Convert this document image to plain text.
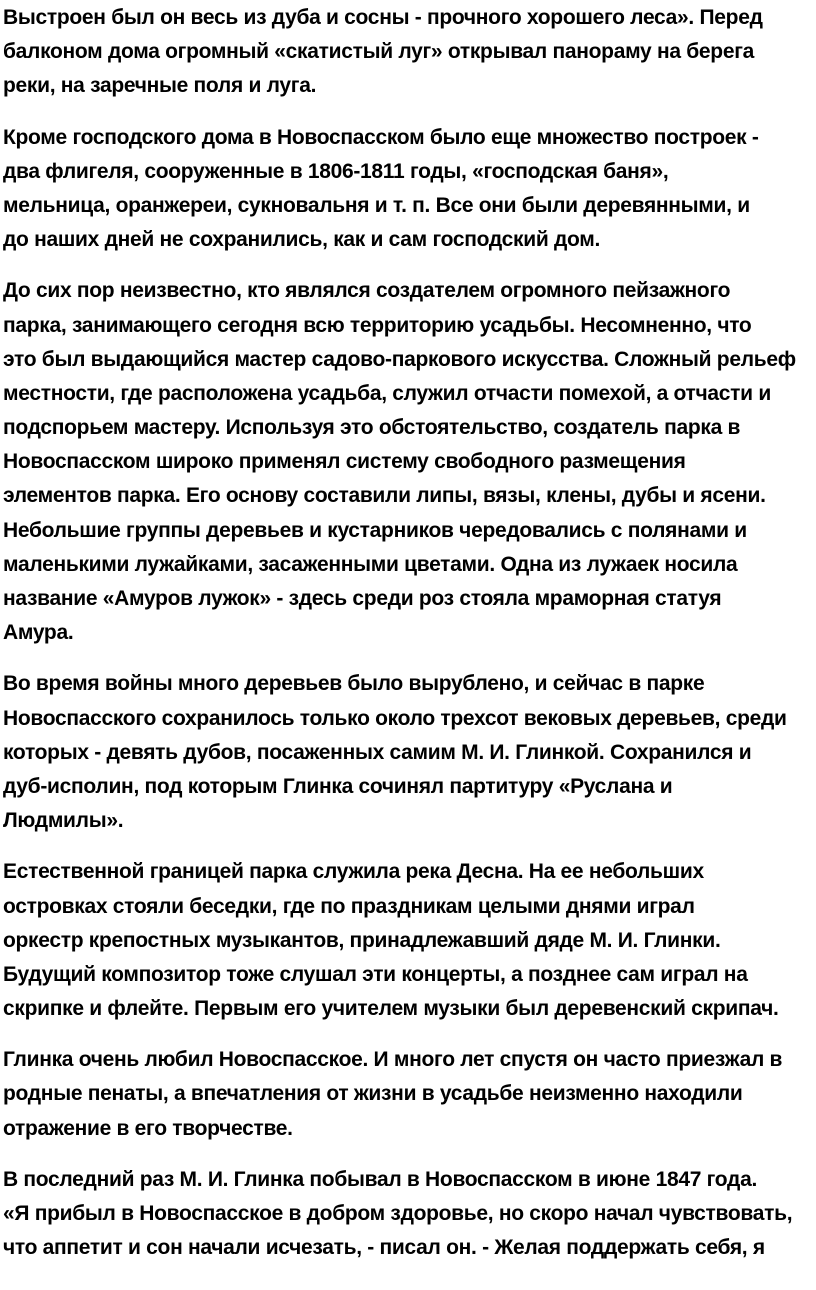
Выстроен был он весь из дуба и сосны - прочного хорошего леса». Перед
балконом дома огромный «скатистый луг» открывал панораму на берега
реки, на заречные поля и луга.

Кроме господского дома в Новоспасском было еще множество построек -
два флигеля, сооруженные в 1806-1811 годы, «господская баня»,
мельница, оранжереи, сукновальня и т. п. Все они были деревянными, и
до наших дней не сохранились, как и сам господский дом.

До сих пор неизвестно, кто являлся создателем огромного пейзажного
парка, занимающего сегодня всю территорию усадьбы. Несомненно, что
это был выдающийся мастер садово-паркового искусства. Сложный рельеф
местности, где расположена усадьба, служил отчасти помехой, а отчасти и
подспорьем мастеру. Используя это обстоятельство, создатель парка в
Новоспасском широко применял систему свободного размещения
элементов парка. Его основу составили липы, вязы, клены, дубы и ясени.
Небольшие группы деревьев и кустарников чередовались с полянами и
маленькими лужайками, засаженными цветами. Одна из лужаек носила
название «Амуров лужок» - здесь среди роз стояла мраморная статуя
Амура.

Во время войны много деревьев было вырублено, и сейчас в парке
Новоспасского сохранилось только около трехсот вековых деревьев, среди
которых - девять дубов, посаженных самим М. И. Глинкой. Сохранился и
дуб-исполин, под которым Глинка сочинял партитуру «Руслана и
Людмилы».

Естественной границей парка служила река Десна. На ее небольших
островках стояли беседки, где по праздникам целыми днями играл
оркестр крепостных музыкантов, принадлежавший дяде М. И. Глинки.
Будущий композитор тоже слушал эти концерты, а позднее сам играл на
скрипке и флейте. Первым его учителем музыки был деревенский скрипач.

Глинка очень любил Новоспасское. И много лет спустя он часто приезжал в
родные пенаты, а впечатления от жизни в усадьбе неизменно находили
отражение в его творчестве.

В последний раз М. И. Глинка побывал в Новоспасском в июне 1847 года.
«Я прибыл в Новоспасское в добром здоровье, но скоро начал чувствовать,
что аппетит и сон начали исчезать, - писал он. - Желая поддержать себя, я
